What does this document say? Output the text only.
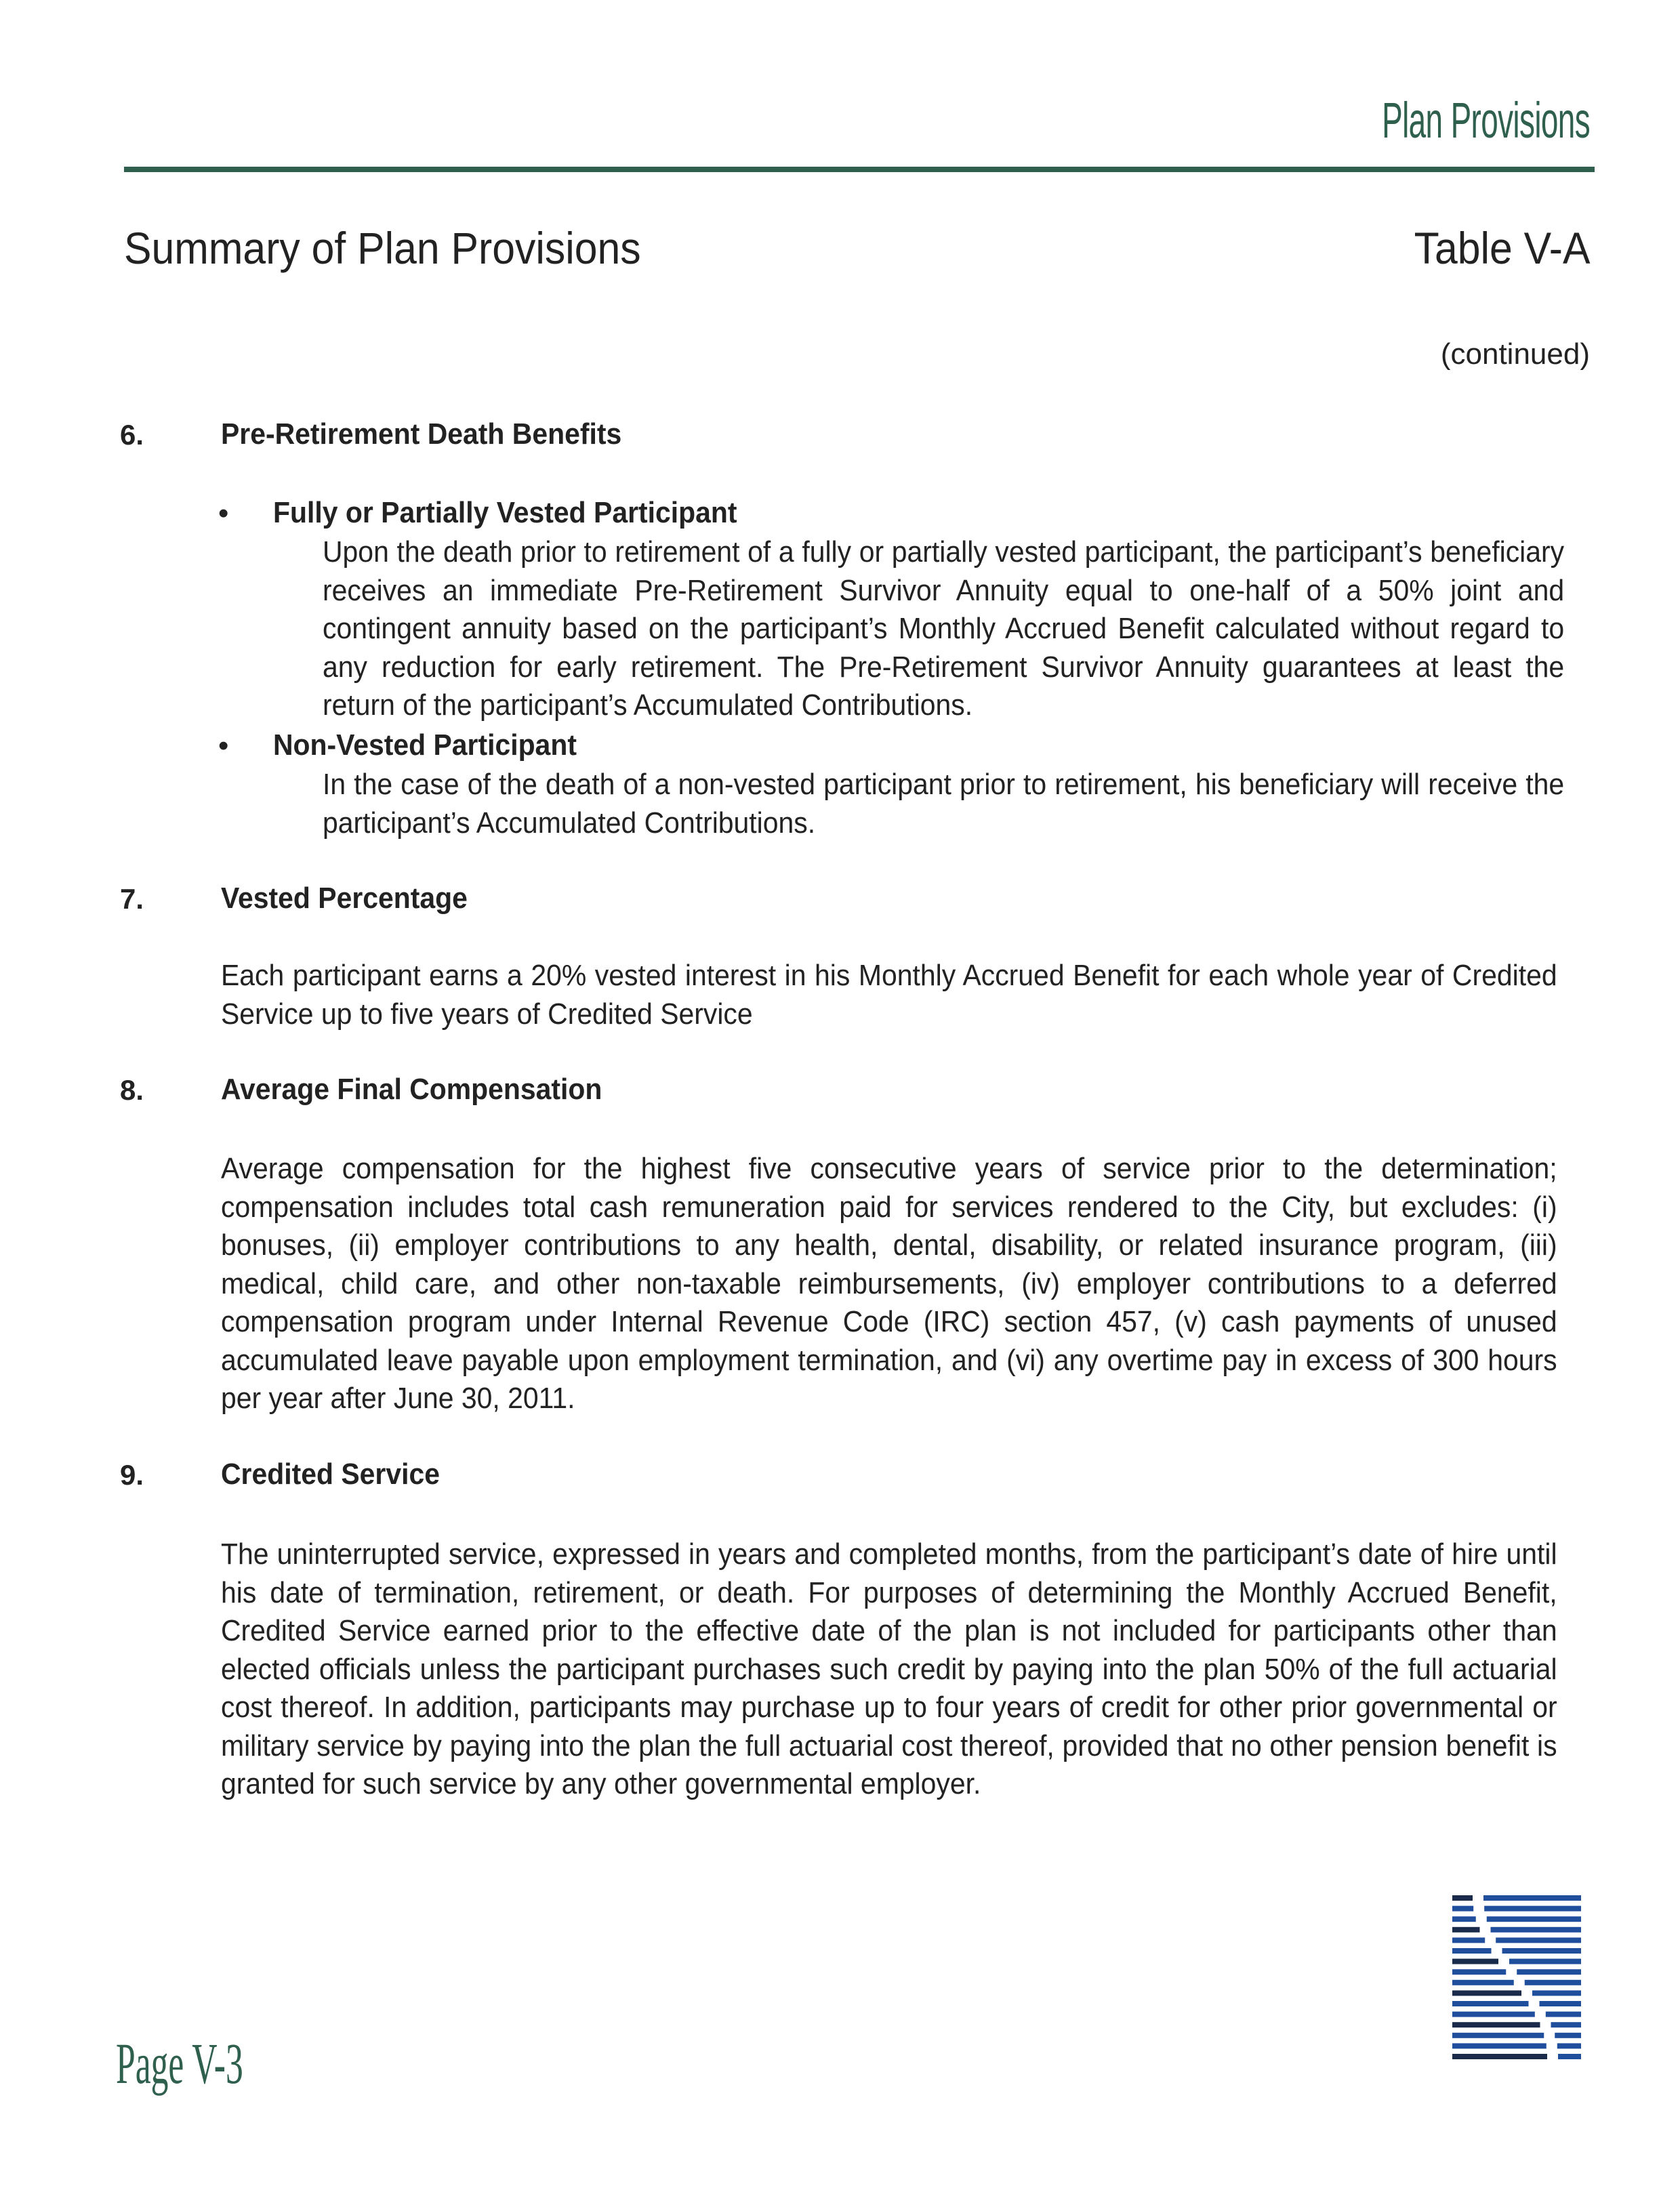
Plan Provisions
Summary of Plan Provisions	Table V-A
(continued)
6.	Pre-Retirement Death Benefits
• Fully or Partially Vested Participant
Upon the death prior to retirement of a fully or partially vested participant, the participant’s beneficiary receives an immediate Pre-Retirement Survivor Annuity equal to one-half of a 50% joint and contingent annuity based on the participant’s Monthly Accrued Benefit calculated without regard to any reduction for early retirement. The Pre-Retirement Survivor Annuity guarantees at least the return of the participant’s Accumulated Contributions.
• Non-Vested Participant
In the case of the death of a non-vested participant prior to retirement, his beneficiary will receive the participant’s Accumulated Contributions.
7.	Vested Percentage
Each participant earns a 20% vested interest in his Monthly Accrued Benefit for each whole year of Credited Service up to five years of Credited Service
8.	Average Final Compensation
Average compensation for the highest five consecutive years of service prior to the determination; compensation includes total cash remuneration paid for services rendered to the City, but excludes: (i) bonuses, (ii) employer contributions to any health, dental, disability, or related insurance program, (iii) medical, child care, and other non-taxable reimbursements, (iv) employer contributions to a deferred compensation program under Internal Revenue Code (IRC) section 457, (v) cash payments of unused accumulated leave payable upon employment termination, and (vi) any overtime pay in excess of 300 hours per year after June 30, 2011.
9.	Credited Service
The uninterrupted service, expressed in years and completed months, from the participant’s date of hire until his date of termination, retirement, or death. For purposes of determining the Monthly Accrued Benefit, Credited Service earned prior to the effective date of the plan is not included for participants other than elected officials unless the participant purchases such credit by paying into the plan 50% of the full actuarial cost thereof. In addition, participants may purchase up to four years of credit for other prior governmental or military service by paying into the plan the full actuarial cost thereof, provided that no other pension benefit is granted for such service by any other governmental employer.
Page V-3
